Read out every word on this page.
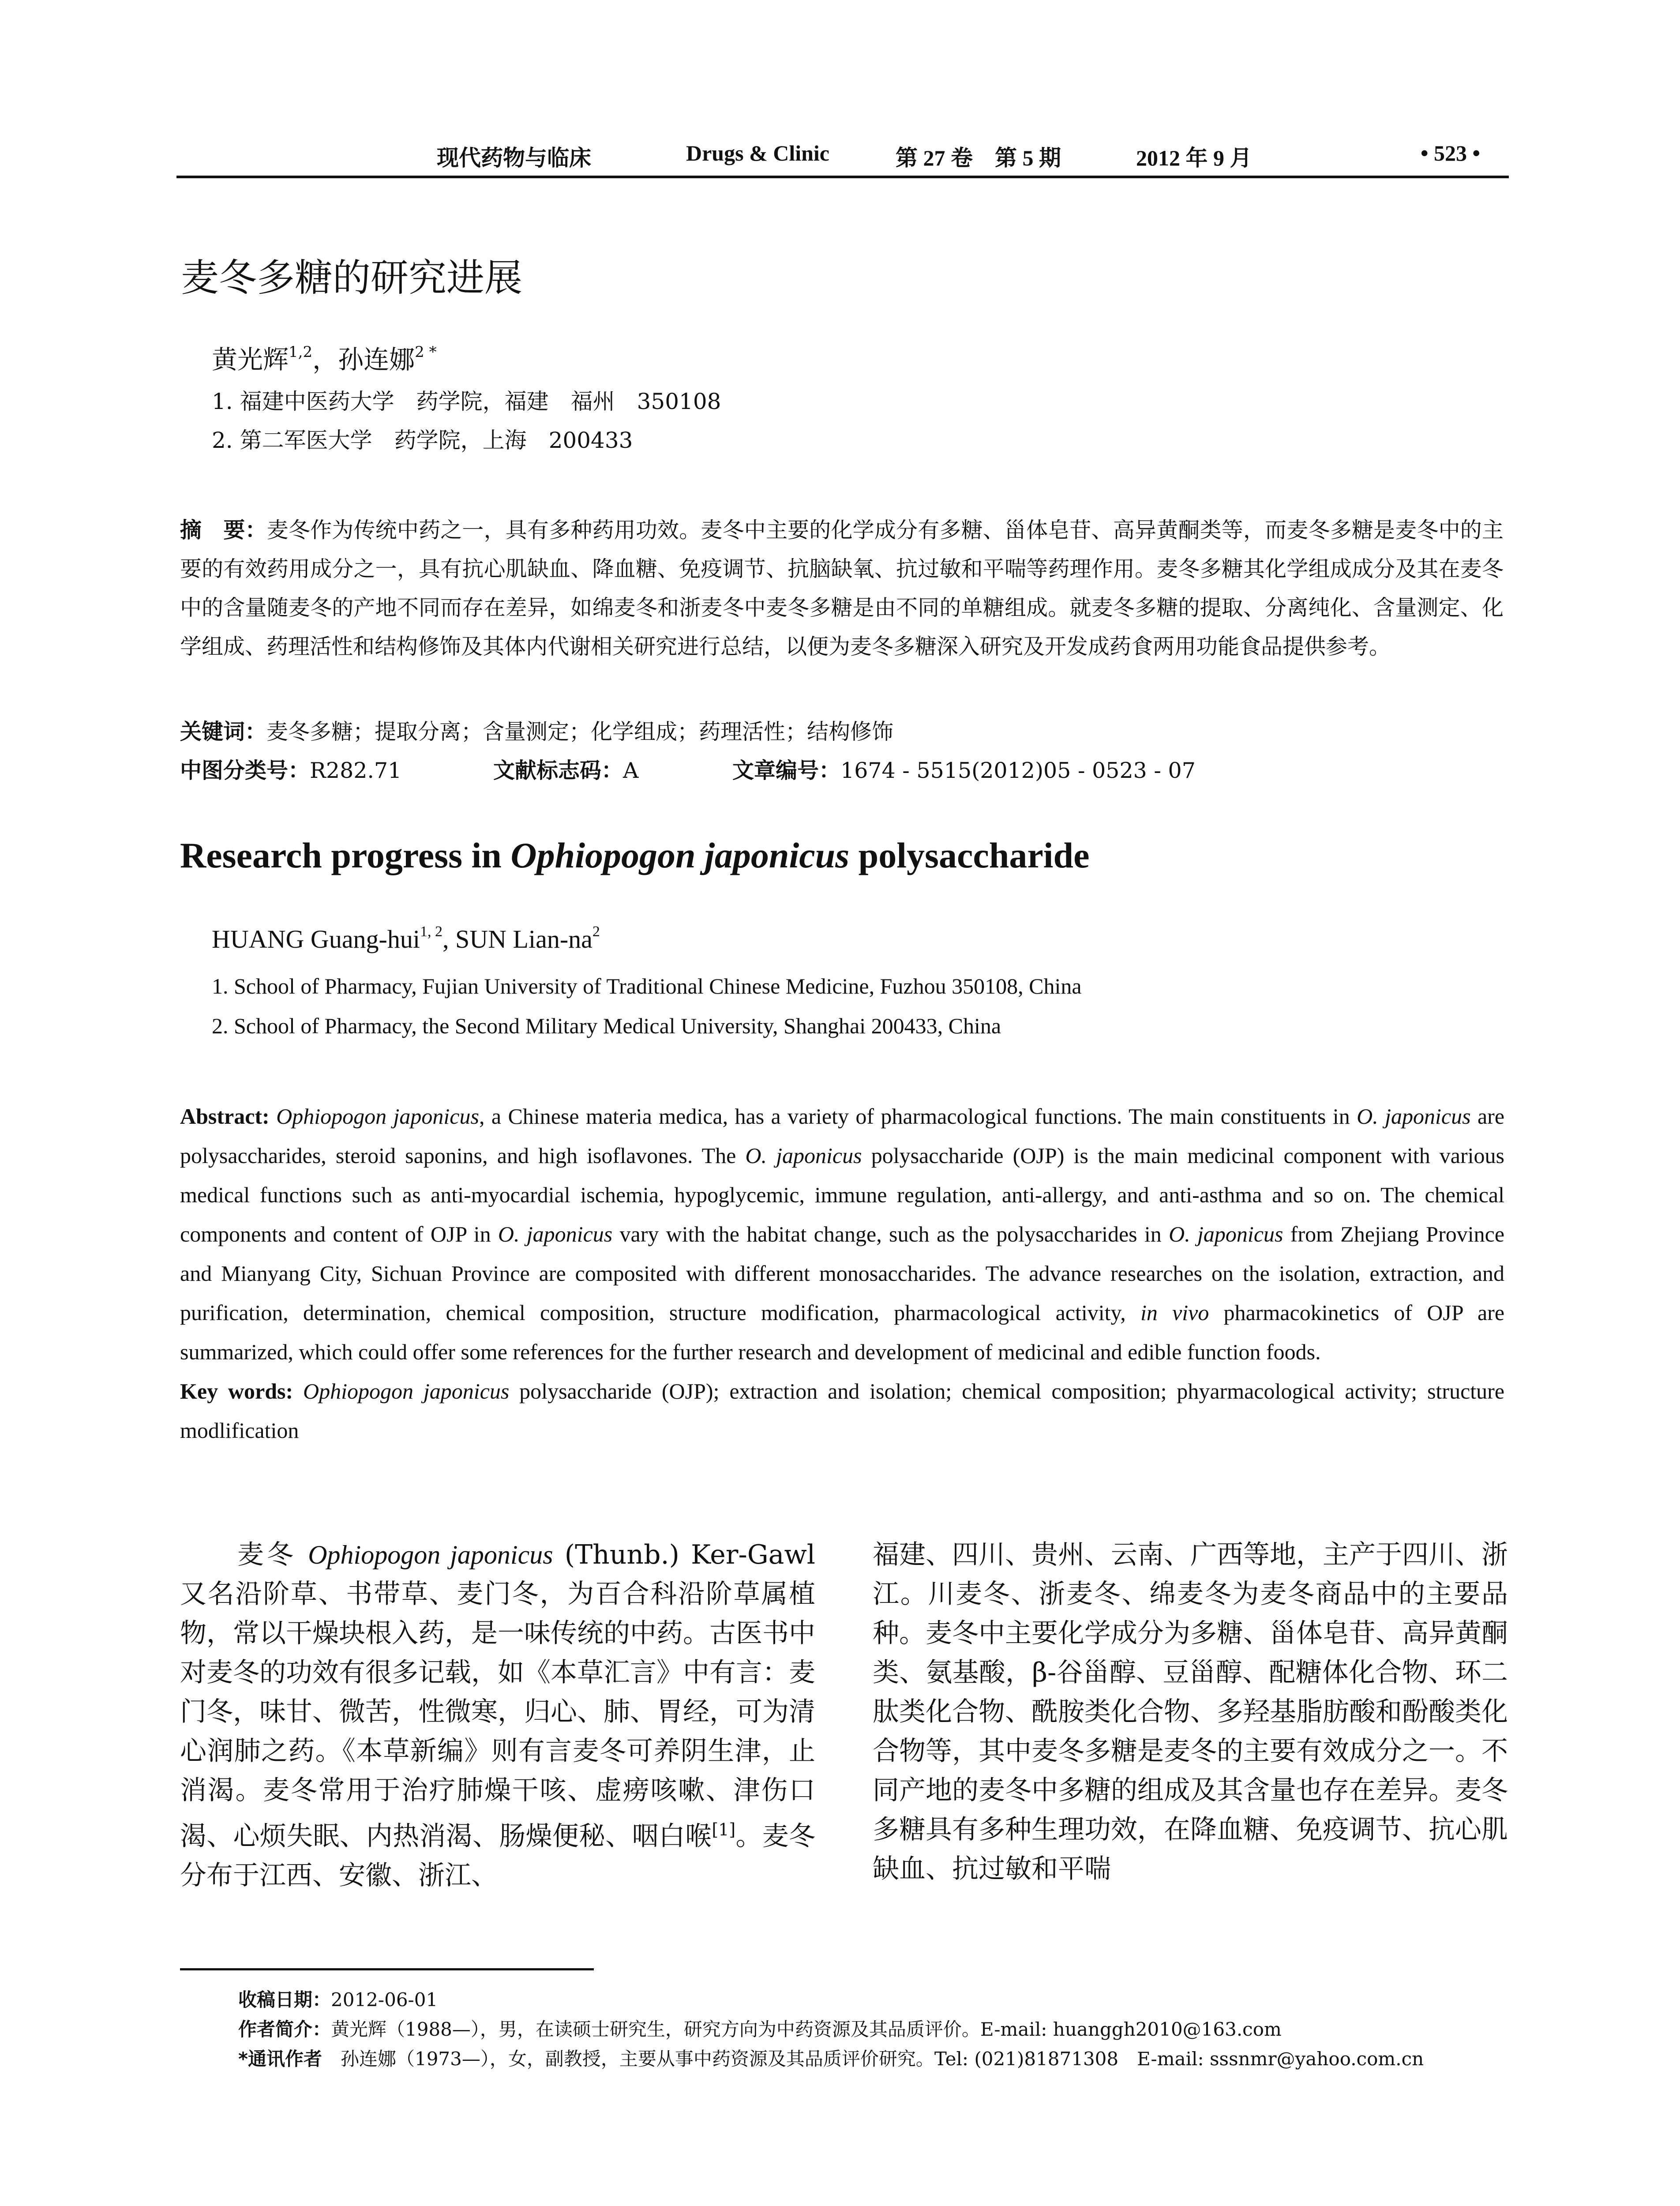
现代药物与临床	Drugs & Clinic	第 27 卷　第 5 期	2012 年 9 月	• 523 •
麦冬多糖的研究进展
黄光辉$^{1,2}$，孙连娜$^{2 *}$
1. 福建中医药大学　药学院，福建　福州　350108
2. 第二军医大学　药学院，上海　200433
摘　要：麦冬作为传统中药之一，具有多种药用功效。麦冬中主要的化学成分有多糖、甾体皂苷、高异黄酮类等，而麦冬多糖是麦冬中的主要的有效药用成分之一，具有抗心肌缺血、降血糖、免疫调节、抗脑缺氧、抗过敏和平喘等药理作用。麦冬多糖其化学组成成分及其在麦冬中的含量随麦冬的产地不同而存在差异，如绵麦冬和浙麦冬中麦冬多糖是由不同的单糖组成。就麦冬多糖的提取、分离纯化、含量测定、化学组成、药理活性和结构修饰及其体内代谢相关研究进行总结，以便为麦冬多糖深入研究及开发成药食两用功能食品提供参考。
关键词：麦冬多糖；提取分离；含量测定；化学组成；药理活性；结构修饰
中图分类号：R282.71	文献标志码：A	文章编号：1674 - 5515(2012)05 - 0523 - 07
Research progress in Ophiopogon japonicus polysaccharide
HUANG Guang-hui$^{1, 2}$, SUN Lian-$na^2$
1. School of Pharmacy, Fujian University of Traditional Chinese Medicine, Fuzhou 350108, China
2. School of Pharmacy, the Second Military Medical University, Shanghai 200433, China
Abstract: Ophiopogon japonicus, a Chinese materia medica, has a variety of pharmacological functions. The main constituents in O. japonicus are polysaccharides, steroid saponins, and high isoflavones. The O. japonicus polysaccharide (OJP) is the main medicinal component with various medical functions such as anti-myocardial ischemia, hypoglycemic, immune regulation, anti-allergy, and anti-asthma and so on. The chemical components and content of OJP in O. japonicus vary with the habitat change, such as the polysaccharides in O. japonicus from Zhejiang Province and Mianyang City, Sichuan Province are composited with different monosaccharides. The advance researches on the isolation, extraction, and purification, determination, chemical composition, structure modification, pharmacological activity, in vivo pharmacokinetics of OJP are summarized, which could offer some references for the further research and development of medicinal and edible function foods.
Key words: Ophiopogon japonicus polysaccharide (OJP); extraction and isolation; chemical composition; phyarmacological activity; structure modlification
麦冬 Ophiopogon japonicus (Thunb.) Ker-Gawl 又名沿阶草、书带草、麦门冬，为百合科沿阶草属植物，常以干燥块根入药，是一味传统的中药。古医书中对麦冬的功效有很多记载，如《本草汇言》中有言：麦门冬，味甘、微苦，性微寒，归心、肺、胃经，可为清心润肺之药。《本草新编》则有言麦冬可养阴生津，止消渴。麦冬常用于治疗肺燥干咳、虚痨咳嗽、津伤口渴、心烦失眠、内热消渴、肠燥便秘、咽白喉[1]。麦冬分布于江西、安徽、浙江、
福建、四川、贵州、云南、广西等地，主产于四川、浙江。川麦冬、浙麦冬、绵麦冬为麦冬商品中的主要品种。麦冬中主要化学成分为多糖、甾体皂苷、高异黄酮类、氨基酸，β-谷甾醇、豆甾醇、配糖体化合物、环二肽类化合物、酰胺类化合物、多羟基脂肪酸和酚酸类化合物等，其中麦冬多糖是麦冬的主要有效成分之一。不同产地的麦冬中多糖的组成及其含量也存在差异。麦冬多糖具有多种生理功效，在降血糖、免疫调节、抗心肌缺血、抗过敏和平喘
收稿日期：2012-06-01
作者简介：黄光辉（1988—），男，在读硕士研究生，研究方向为中药资源及其品质评价。E-mail: huanggh2010@163.com
*通讯作者　孙连娜（1973—），女，副教授，主要从事中药资源及其品质评价研究。Tel: (021)81871308　E-mail: sssnmr@yahoo.com.cn
